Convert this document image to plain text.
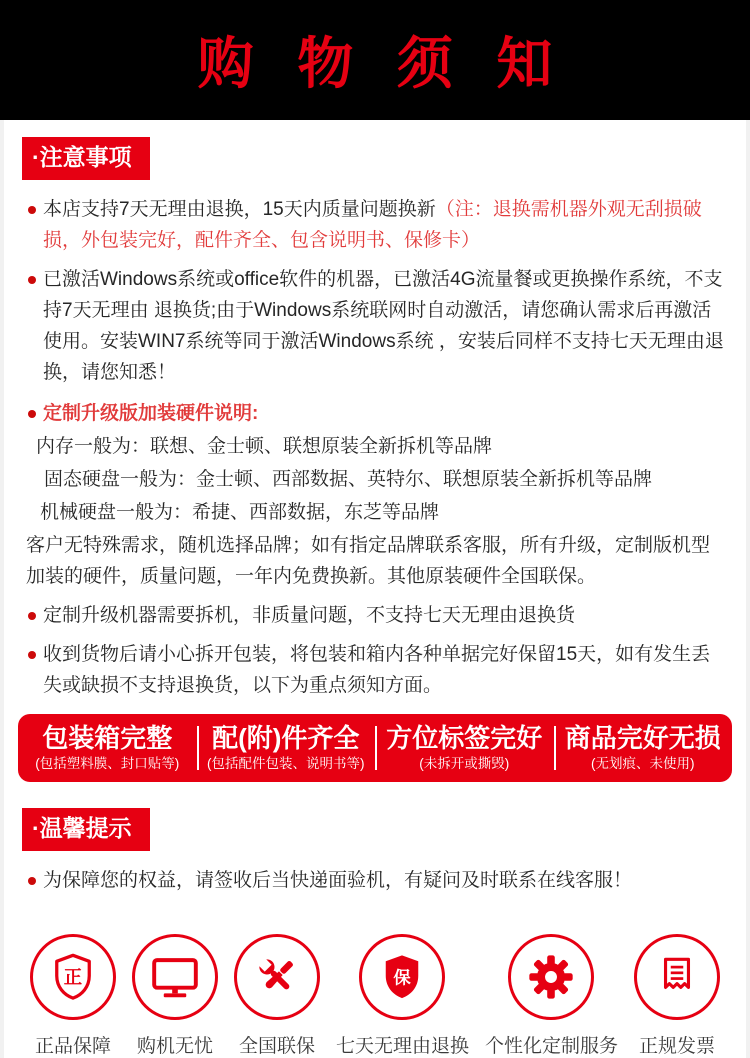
购 物 须 知
·注意事项
本店支持7天无理由退换，15天内质量问题换新（注：退换需机器外观无刮损破损，外包装完好，配件齐全、包含说明书、保修卡）
已激活Windows系统或office软件的机器，已激活4G流量餐或更换操作系统，不支持7天无理由 退换货;由于Windows系统联网时自动激活，请您确认需求后再激活使用。安装WIN7系统等同于激活Windows系统 ，安装后同样不支持七天无理由退换，请您知悉！
定制升级版加装硬件说明:
内存一般为：联想、金士顿、联想原装全新拆机等品牌
固态硬盘一般为：金士顿、西部数据、英特尔、联想原装全新拆机等品牌
机械硬盘一般为：希捷、西部数据，东芝等品牌
客户无特殊需求，随机选择品牌；如有指定品牌联系客服，所有升级，定制版机型加装的硬件，质量问题，一年内免费换新。其他原装硬件全国联保。
定制升级机器需要拆机，非质量问题，不支持七天无理由退换货
收到货物后请小心拆开包装，将包装和箱内各种单据完好保留15天，如有发生丢失或缺损不支持退换货，以下为重点须知方面。
包装箱完整
(包括塑料膜、封口贴等)
配(附)件齐全
(包括配件包装、说明书等)
方位标签完好
(未拆开或撕毁)
商品完好无损
(无划痕、未使用)
·温馨提示
为保障您的权益，请签收后当快递面验机，有疑问及时联系在线客服！
正
正品保障 购机无忧 全国联保
保
七天无理由退换 个性化定制服务 正规发票
